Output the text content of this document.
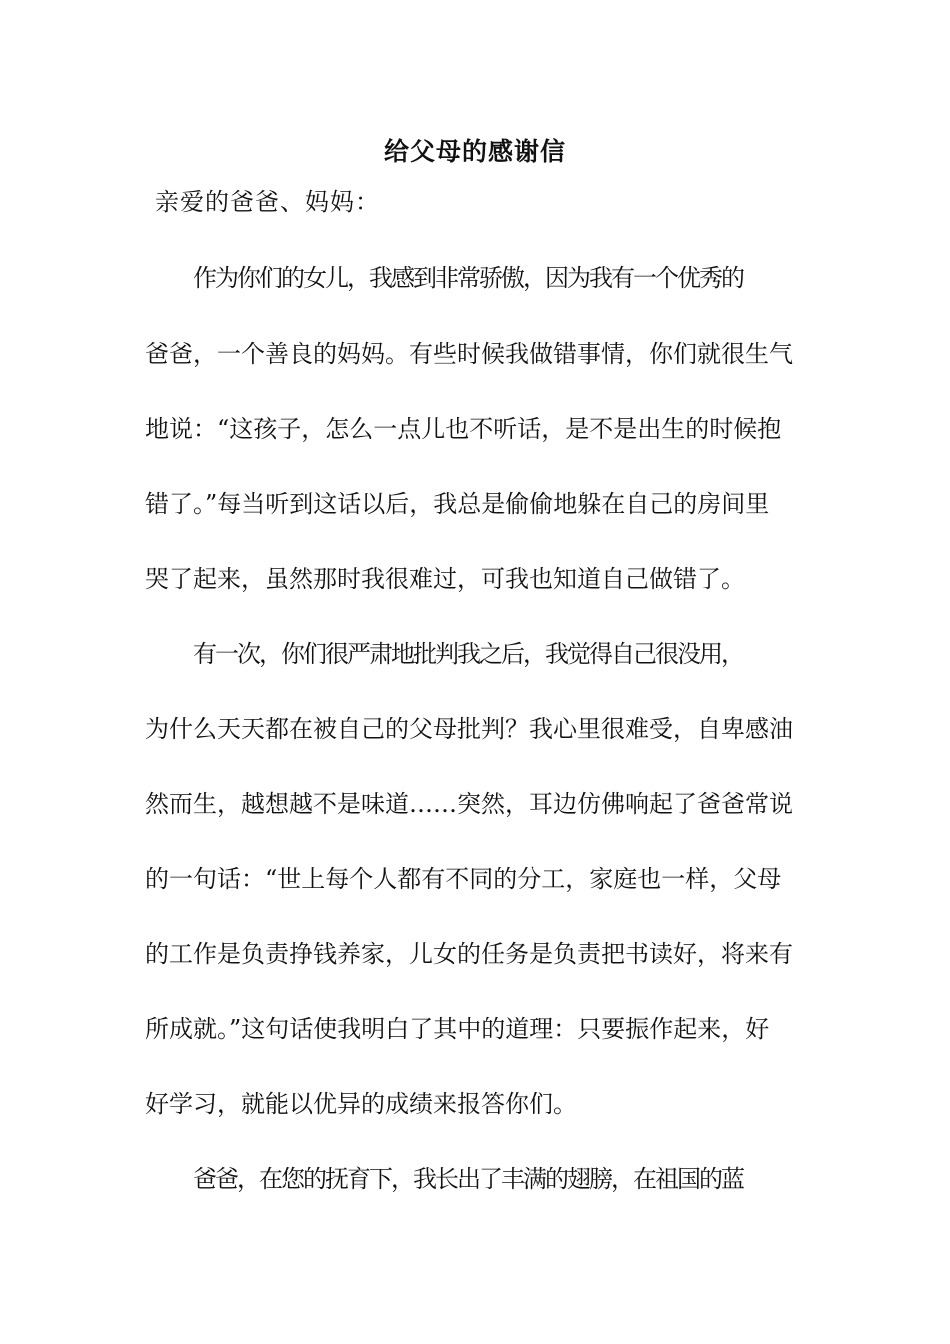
给父母的感谢信
亲爱的爸爸、妈妈：
作为你们的女儿，我感到非常骄傲，因为我有一个优秀的
爸爸，一个善良的妈妈。有些时候我做错事情，你们就很生气
地说：“这孩子，怎么一点儿也不听话，是不是出生的时候抱
错了。”每当听到这话以后，我总是偷偷地躲在自己的房间里
哭了起来，虽然那时我很难过，可我也知道自己做错了。
有一次，你们很严肃地批判我之后，我觉得自己很没用，
为什么天天都在被自己的父母批判？我心里很难受，自卑感油
然而生，越想越不是味道……突然，耳边仿佛响起了爸爸常说
的一句话：“世上每个人都有不同的分工，家庭也一样，父母
的工作是负责挣钱养家，儿女的任务是负责把书读好，将来有
所成就。”这句话使我明白了其中的道理：只要振作起来，好
好学习，就能以优异的成绩来报答你们。
爸爸，在您的抚育下，我长出了丰满的翅膀，在祖国的蓝
